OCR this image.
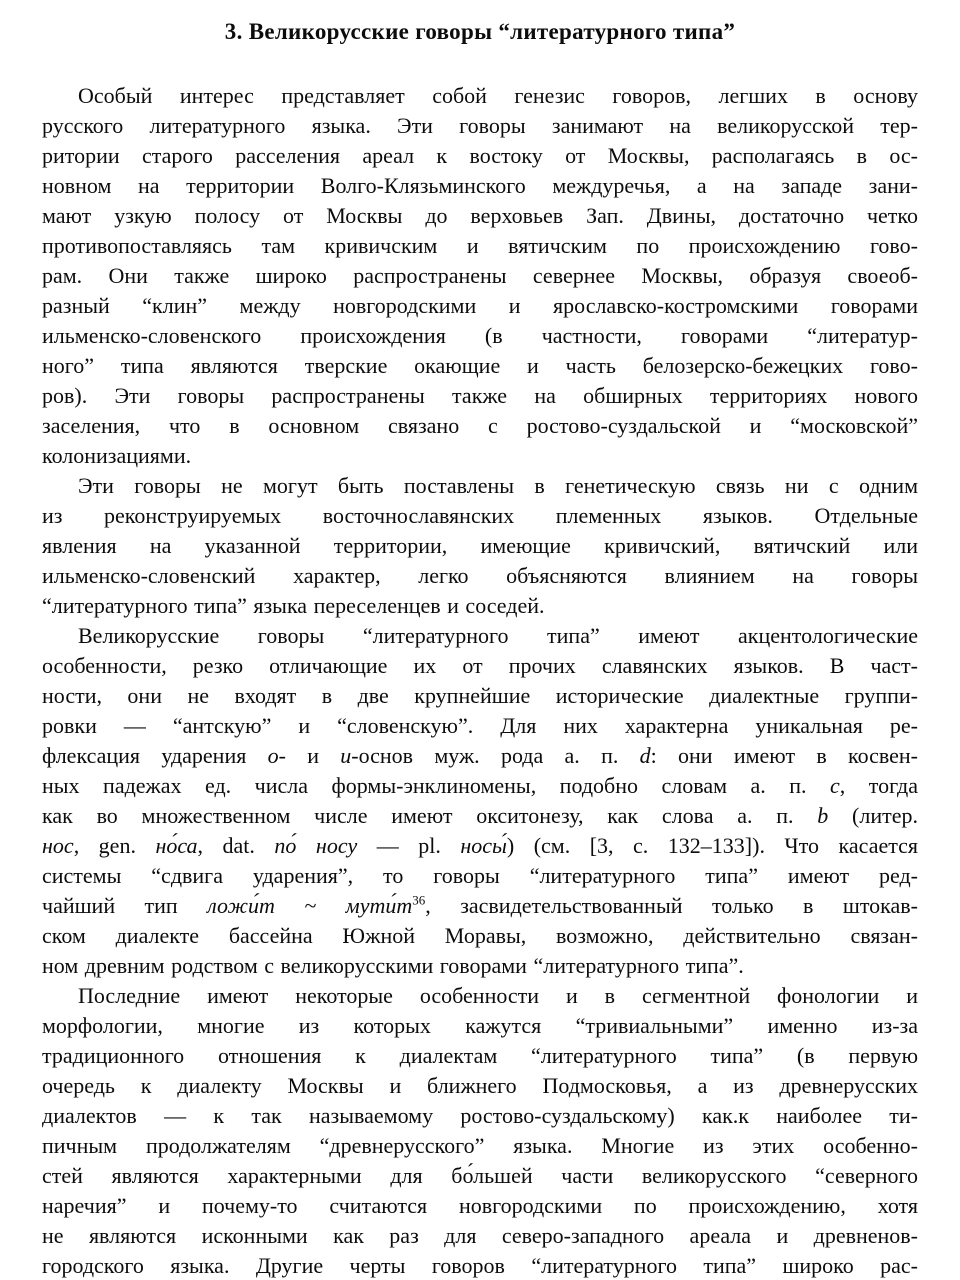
3. Великорусские говоры “литературного типа”
Особый интерес представляет собой генезис говоров, легших в основу
русского литературного языка. Эти говоры занимают на великорусской тер-
ритории старого расселения ареал к востоку от Москвы, располагаясь в ос-
новном на территории Волго-Клязьминского междуречья, а на западе зани-
мают узкую полосу от Москвы до верховьев Зап. Двины, достаточно четко
противопоставляясь там кривичским и вятичским по происхождению гово-
рам. Они также широко распространены севернее Москвы, образуя своеоб-
разный “клин” между новгородскими и ярославско-костромскими говорами
ильменско-словенского происхождения (в частности, говорами “литератур-
ного” типа являются тверские окающие и часть белозерско-бежецких гово-
ров). Эти говоры распространены также на обширных территориях нового
заселения, что в основном связано с ростово-суздальской и “московской”
колонизациями.
Эти говоры не могут быть поставлены в генетическую связь ни с одним
из реконструируемых восточнославянских племенных языков. Отдельные
явления на указанной территории, имеющие кривичский, вятичский или
ильменско-словенский характер, легко объясняются влиянием на говоры
“литературного типа” языка переселенцев и соседей.
Великорусские говоры “литературного типа” имеют акцентологические
особенности, резко отличающие их от прочих славянских языков. В част-
ности, они не входят в две крупнейшие исторические диалектные группи-
ровки — “антскую” и “словенскую”. Для них характерна уникальная ре-
флексация ударения о- и и-основ муж. рода а. п. d: они имеют в косвен-
ных падежах ед. числа формы-энклиномены, подобно словам а. п. c, тогда
как во множественном числе имеют окситонезу, как слова а. п. b (литер.
нос, gen. но́са, dat. по́ носу — pl. носы́) (см. [3, с. 132–133]). Что касается
системы “сдвига ударения”, то говоры “литературного типа” имеют ред-
чайший тип ложи́т ~ $мути́т^{36}$, засвидетельствованный только в штокав-
ском диалекте бассейна Южной Моравы, возможно, действительно связан-
ном древним родством с великорусскими говорами “литературного типа”.
Последние имеют некоторые особенности и в сегментной фонологии и
морфологии, многие из которых кажутся “тривиальными” именно из-за
традиционного отношения к диалектам “литературного типа” (в первую
очередь к диалекту Москвы и ближнего Подмосковья, а из древнерусских
диалектов — к так называемому ростово-суздальскому) как.к наиболее ти-
пичным продолжателям “древнерусского” языка. Многие из этих особенно-
стей являются характерными для бо́льшей части великорусского “северного
наречия” и почему-то считаются новгородскими по происхождению, хотя
не являются исконными как раз для северо-западного ареала и древненов-
городского языка. Другие черты говоров “литературного типа” широко рас-
